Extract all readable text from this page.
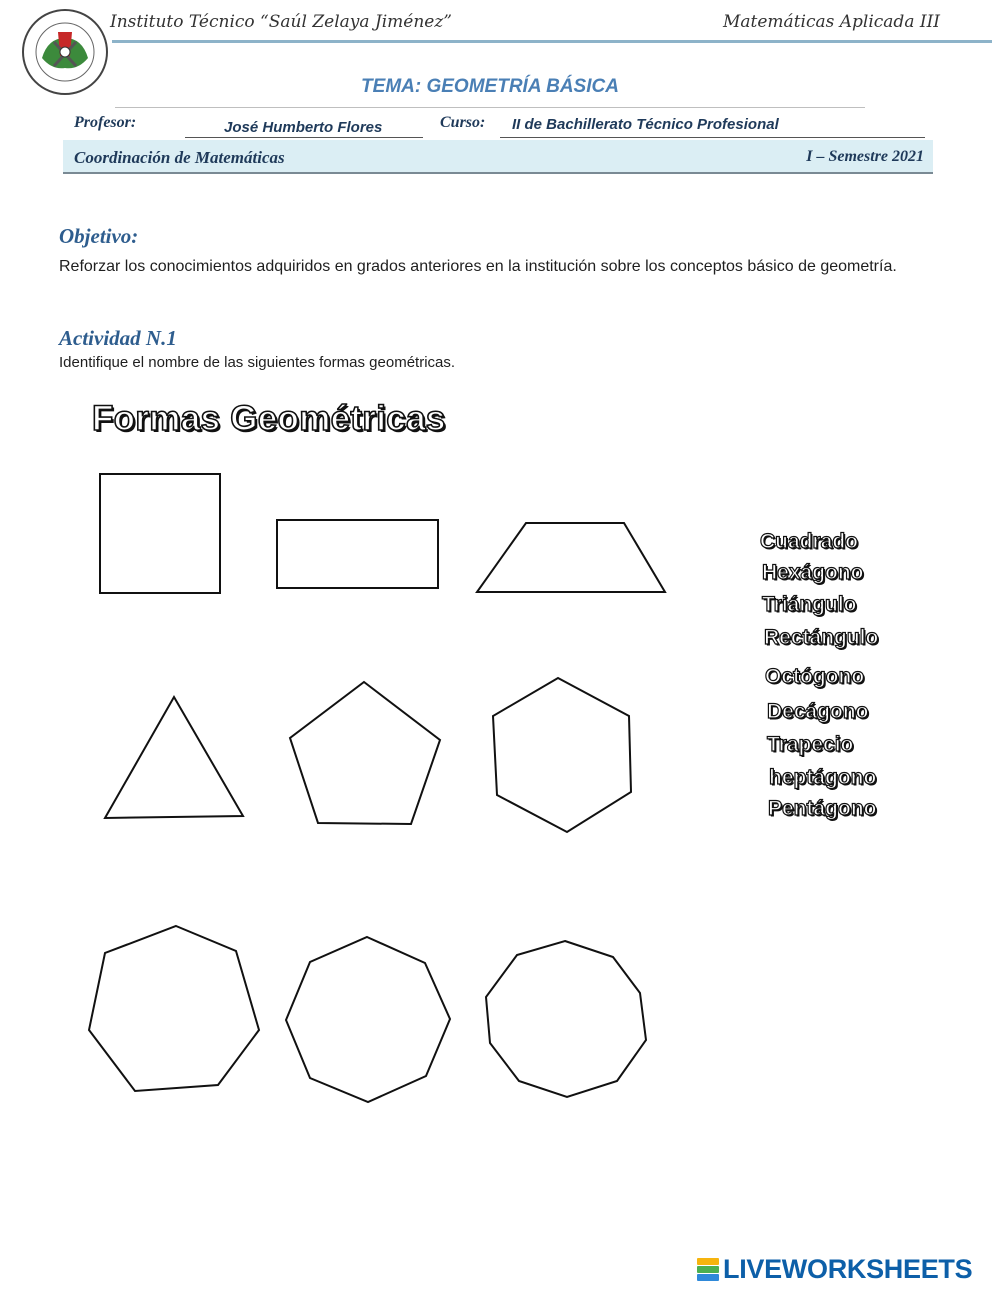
Instituto Técnico “Saúl Zelaya Jiménez”	Matemáticas Aplicada III
TEMA: GEOMETRÍA BÁSICA
Profesor:	José Humberto Flores	Curso: II de Bachillerato Técnico Profesional
Coordinación de Matemáticas	I – Semestre 2021
Objetivo:
Reforzar los conocimientos adquiridos en grados anteriores en la institución sobre los conceptos básico de geometría.
Actividad N.1
Identifique el nombre de las siguientes formas geométricas.
Formas Geométricas
Cuadrado
Hexágono
Triángulo
Rectángulo
Octógono
Decágono
Trapecio
heptágono
Pentágono
LIVEWORKSHEETS
